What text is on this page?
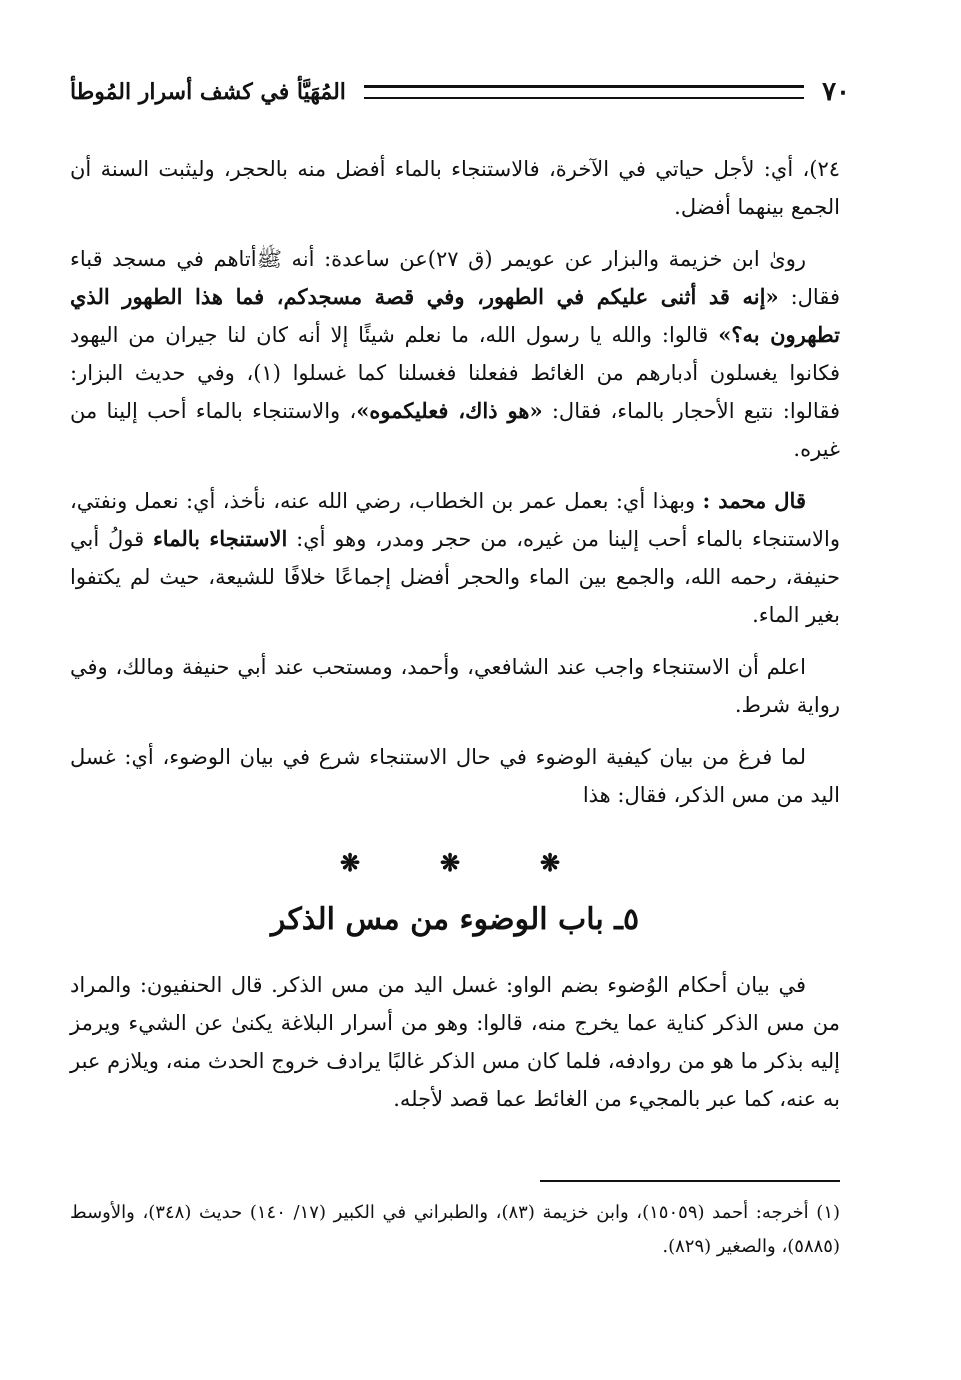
٧٠
المُهَيَّأ في كشف أسرار المُوطأ

٢٤)، أي: لأجل حياتي في الآخرة، فالاستنجاء بالماء أفضل منه بالحجر، وليثبت السنة أن الجمع بينهما أفضل.

روىٰ ابن خزيمة والبزار عن عويمر (ق ٢٧)عن ساعدة: أنه ﷺأتاهم في مسجد قباء فقال: «إنه قد أثنى عليكم في الطهور، وفي قصة مسجدكم، فما هذا الطهور الذي تطهرون به؟» قالوا: والله يا رسول الله، ما نعلم شيئًا إلا أنه كان لنا جيران من اليهود فكانوا يغسلون أدبارهم من الغائط ففعلنا فغسلنا كما غسلوا (١)، وفي حديث البزار: فقالوا: نتبع الأحجار بالماء، فقال: «هو ذاك، فعليكموه»، والاستنجاء بالماء أحب إلينا من غيره.

قال محمد : وبهذا أي: بعمل عمر بن الخطاب، رضي الله عنه، نأخذ، أي: نعمل ونفتي، والاستنجاء بالماء أحب إلينا من غيره، من حجر ومدر، وهو أي: الاستنجاء بالماء قولُ أبي حنيفة، رحمه الله، والجمع بين الماء والحجر أفضل إجماعًا خلافًا للشيعة، حيث لم يكتفوا بغير الماء.

اعلم أن الاستنجاء واجب عند الشافعي، وأحمد، ومستحب عند أبي حنيفة ومالك، وفي رواية شرط.

لما فرغ من بيان كيفية الوضوء في حال الاستنجاء شرع في بيان الوضوء، أي: غسل اليد من مس الذكر، فقال: هذا

❋	❋	❋
٥ـ باب الوضوء من مس الذكر

في بيان أحكام الوُضوء بضم الواو: غسل اليد من مس الذكر. قال الحنفيون: والمراد من مس الذكر كناية عما يخرج منه، قالوا: وهو من أسرار البلاغة يكنىٰ عن الشيء ويرمز إليه بذكر ما هو من روادفه، فلما كان مس الذكر غالبًا يرادف خروج الحدث منه، ويلازم عبر به عنه، كما عبر بالمجيء من الغائط عما قصد لأجله.

(١) أخرجه: أحمد (١٥٠٥٩)، وابن خزيمة (٨٣)، والطبراني في الكبير (١٧/ ١٤٠) حديث (٣٤٨)، والأوسط (٥٨٨٥)، والصغير (٨٢٩).
